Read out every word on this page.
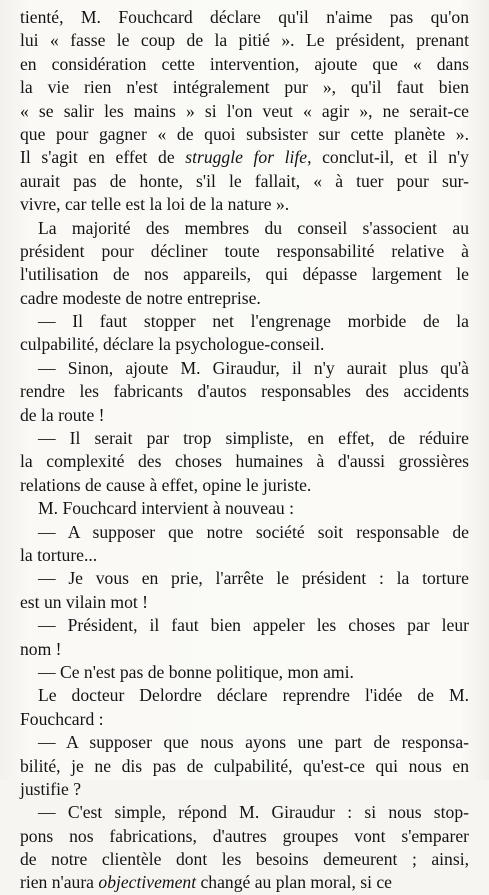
tienté, M. Fouchcard déclare qu'il n'aime pas qu'on
lui « fasse le coup de la pitié ». Le président, prenant
en considération cette intervention, ajoute que « dans
la vie rien n'est intégralement pur », qu'il faut bien
« se salir les mains » si l'on veut « agir », ne serait-ce
que pour gagner « de quoi subsister sur cette planète ».
Il s'agit en effet de struggle for life, conclut-il, et il n'y
aurait pas de honte, s'il le fallait, « à tuer pour sur-
vivre, car telle est la loi de la nature ».
La majorité des membres du conseil s'associent au
président pour décliner toute responsabilité relative à
l'utilisation de nos appareils, qui dépasse largement le
cadre modeste de notre entreprise.
— Il faut stopper net l'engrenage morbide de la
culpabilité, déclare la psychologue-conseil.
— Sinon, ajoute M. Giraudur, il n'y aurait plus qu'à
rendre les fabricants d'autos responsables des accidents
de la route !
— Il serait par trop simpliste, en effet, de réduire
la complexité des choses humaines à d'aussi grossières
relations de cause à effet, opine le juriste.
M. Fouchcard intervient à nouveau :
— A supposer que notre société soit responsable de
la torture...
— Je vous en prie, l'arrête le président : la torture
est un vilain mot !
— Président, il faut bien appeler les choses par leur
nom !
— Ce n'est pas de bonne politique, mon ami.
Le docteur Delordre déclare reprendre l'idée de M.
Fouchcard :
— A supposer que nous ayons une part de responsa-
bilité, je ne dis pas de culpabilité, qu'est-ce qui nous en
justifie ?
— C'est simple, répond M. Giraudur : si nous stop-
pons nos fabrications, d'autres groupes vont s'emparer
de notre clientèle dont les besoins demeurent ; ainsi,
rien n'aura objectivement changé au plan moral, si ce
